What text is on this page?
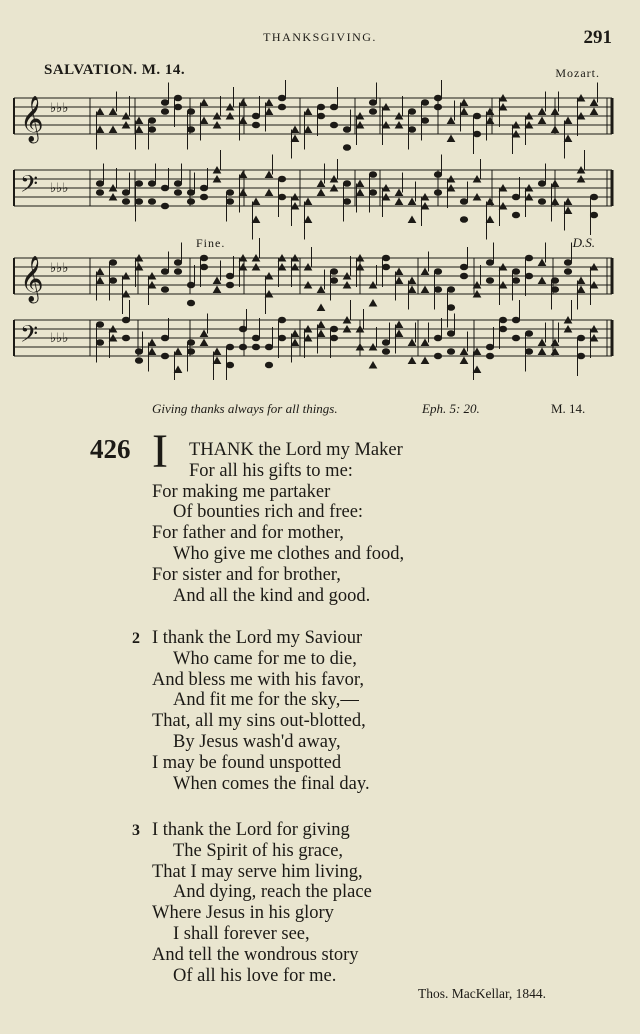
THANKSGIVING.	291
SALVATION. M. 14.	Mozart.
𝄞 ♭♭♭
𝄢 ♭♭♭
𝄞 ♭♭♭
𝄢 ♭♭♭
Fine.	D.S.
Giving thanks always for all things.	Eph. 5: 20.	M. 14.
426 I THANK the Lord my Maker
For all his gifts to me:
For making me partaker
Of bounties rich and free:
For father and for mother,
Who give me clothes and food,
For sister and for brother,
And all the kind and good.
2 I thank the Lord my Saviour
Who came for me to die,
And bless me with his favor,
And fit me for the sky,—
That, all my sins out-blotted,
By Jesus wash'd away,
I may be found unspotted
When comes the final day.
3 I thank the Lord for giving
The Spirit of his grace,
That I may serve him living,
And dying, reach the place
Where Jesus in his glory
I shall forever see,
And tell the wondrous story
Of all his love for me.
Thos. MacKellar, 1844.
